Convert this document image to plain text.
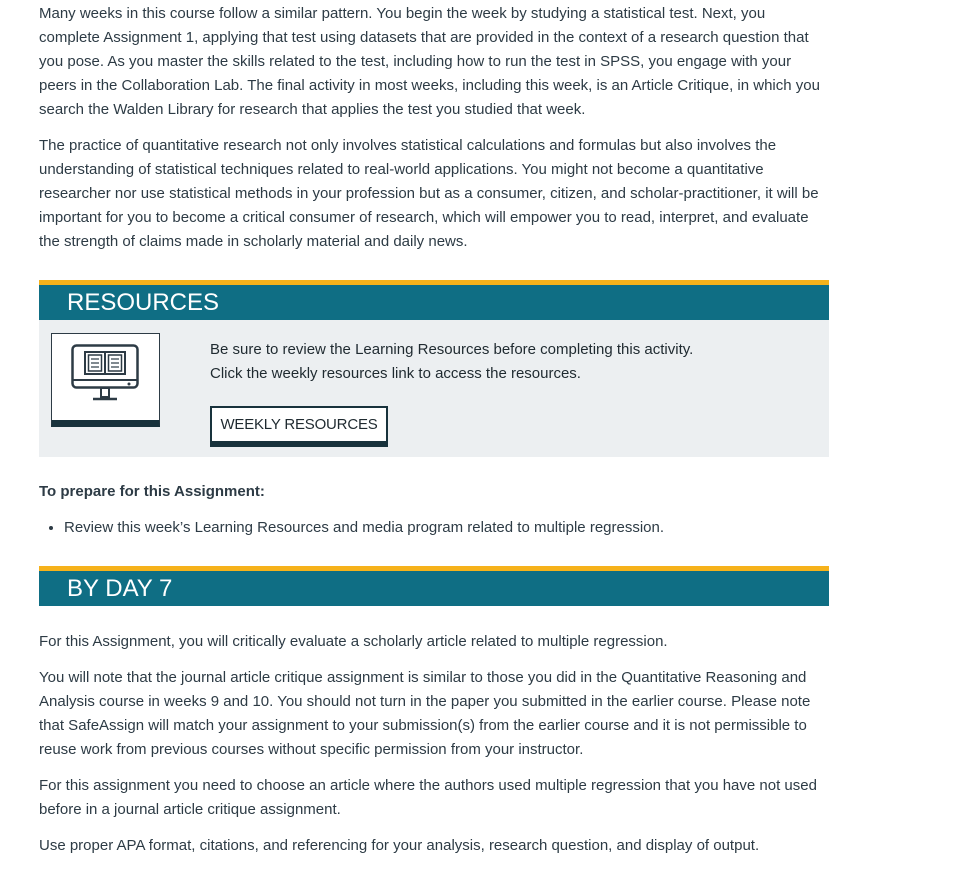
Many weeks in this course follow a similar pattern. You begin the week by studying a statistical test. Next, you complete Assignment 1, applying that test using datasets that are provided in the context of a research question that you pose. As you master the skills related to the test, including how to run the test in SPSS, you engage with your peers in the Collaboration Lab. The final activity in most weeks, including this week, is an Article Critique, in which you search the Walden Library for research that applies the test you studied that week.

The practice of quantitative research not only involves statistical calculations and formulas but also involves the understanding of statistical techniques related to real-world applications. You might not become a quantitative researcher nor use statistical methods in your profession but as a consumer, citizen, and scholar-practitioner, it will be important for you to become a critical consumer of research, which will empower you to read, interpret, and evaluate the strength of claims made in scholarly material and daily news.

RESOURCES
Be sure to review the Learning Resources before completing this activity.
Click the weekly resources link to access the resources.
WEEKLY RESOURCES

To prepare for this Assignment:

• Review this week’s Learning Resources and media program related to multiple regression.
BY DAY 7

For this Assignment, you will critically evaluate a scholarly article related to multiple regression.

You will note that the journal article critique assignment is similar to those you did in the Quantitative Reasoning and Analysis course in weeks 9 and 10. You should not turn in the paper you submitted in the earlier course. Please note that SafeAssign will match your assignment to your submission(s) from the earlier course and it is not permissible to reuse work from previous courses without specific permission from your instructor.

For this assignment you need to choose an article where the authors used multiple regression that you have not used before in a journal article critique assignment.

Use proper APA format, citations, and referencing for your analysis, research question, and display of output.
